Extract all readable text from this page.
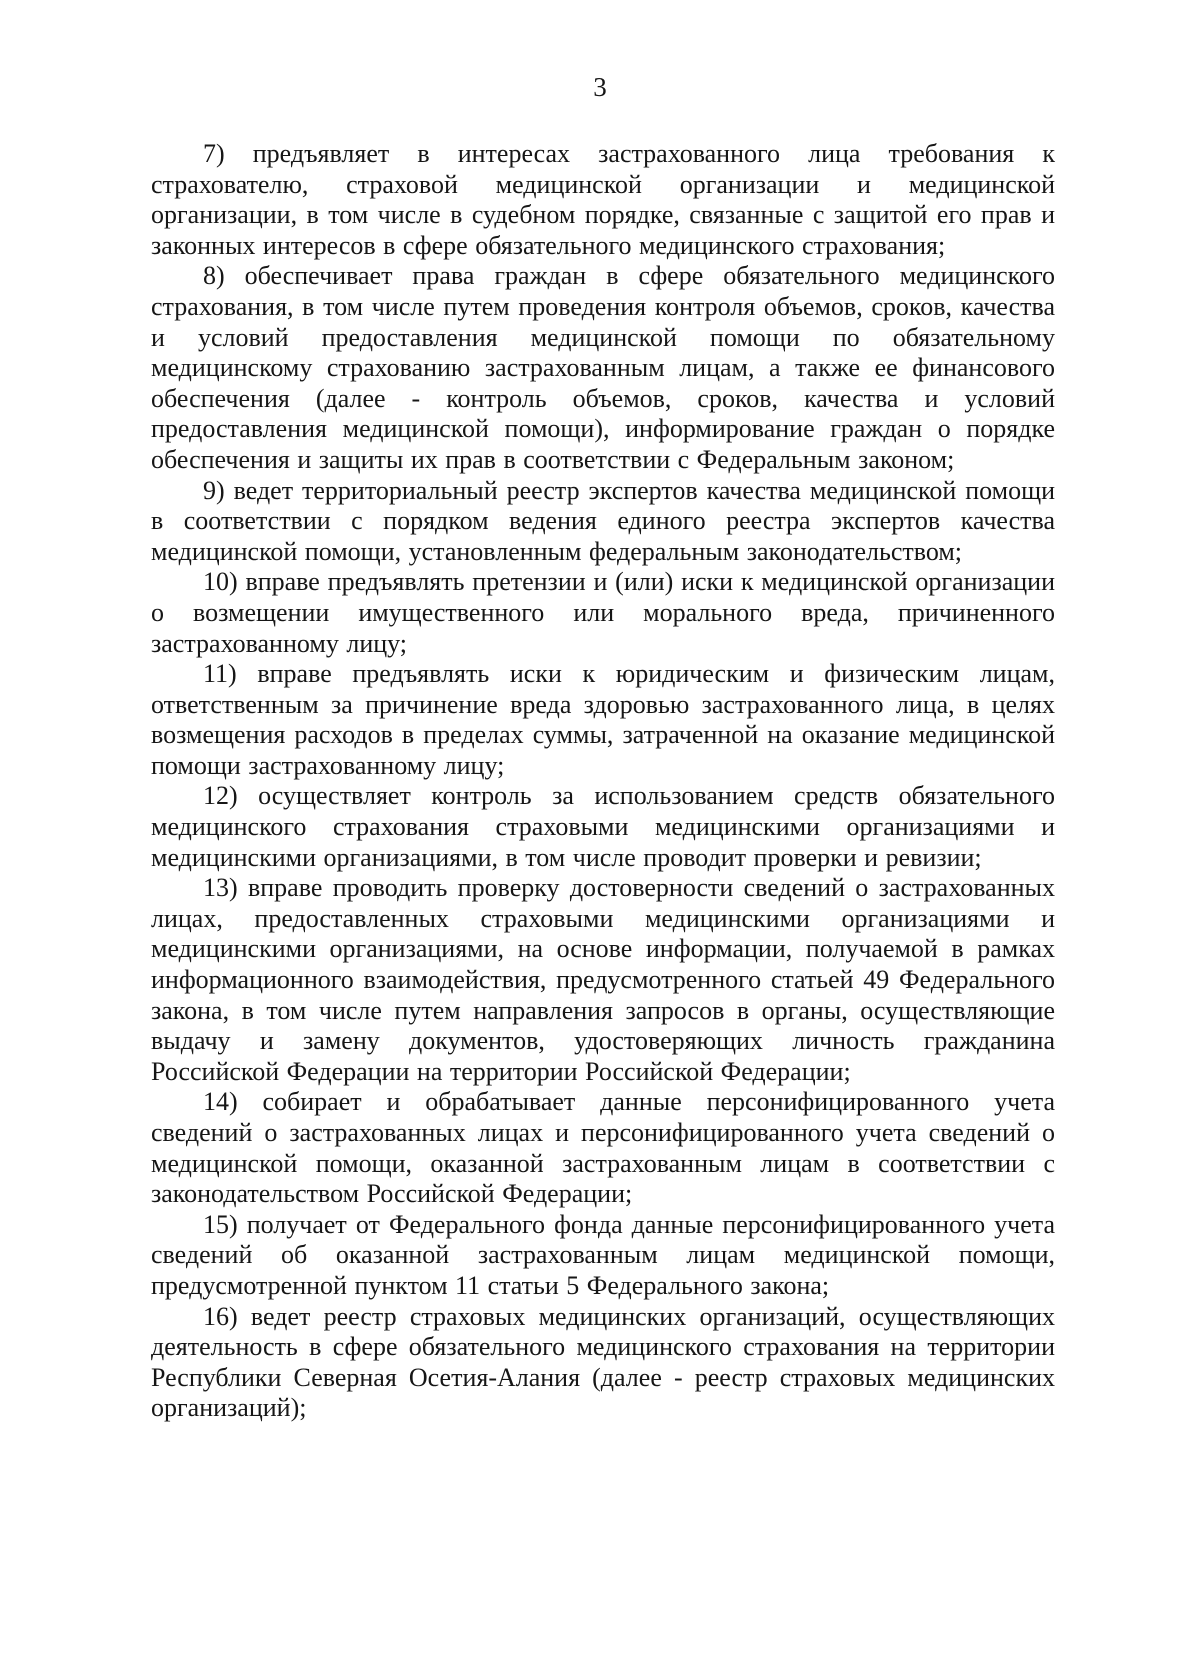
3

7) предъявляет в интересах застрахованного лица требования к страхователю, страховой медицинской организации и медицинской организации, в том числе в судебном порядке, связанные с защитой его прав и законных интересов в сфере обязательного медицинского страхования;

8) обеспечивает права граждан в сфере обязательного медицинского страхования, в том числе путем проведения контроля объемов, сроков, качества и условий предоставления медицинской помощи по обязательному медицинскому страхованию застрахованным лицам, а также ее финансового обеспечения (далее - контроль объемов, сроков, качества и условий предоставления медицинской помощи), информирование граждан о порядке обеспечения и защиты их прав в соответствии с Федеральным законом;

9) ведет территориальный реестр экспертов качества медицинской помощи в соответствии с порядком ведения единого реестра экспертов качества медицинской помощи, установленным федеральным законодательством;

10) вправе предъявлять претензии и (или) иски к медицинской организации о возмещении имущественного или морального вреда, причиненного застрахованному лицу;

11) вправе предъявлять иски к юридическим и физическим лицам, ответственным за причинение вреда здоровью застрахованного лица, в целях возмещения расходов в пределах суммы, затраченной на оказание медицинской помощи застрахованному лицу;

12) осуществляет контроль за использованием средств обязательного медицинского страхования страховыми медицинскими организациями и медицинскими организациями, в том числе проводит проверки и ревизии;

13) вправе проводить проверку достоверности сведений о застрахованных лицах, предоставленных страховыми медицинскими организациями и медицинскими организациями, на основе информации, получаемой в рамках информационного взаимодействия, предусмотренного статьей 49 Федерального закона, в том числе путем направления запросов в органы, осуществляющие выдачу и замену документов, удостоверяющих личность гражданина Российской Федерации на территории Российской Федерации;

14) собирает и обрабатывает данные персонифицированного учета сведений о застрахованных лицах и персонифицированного учета сведений о медицинской помощи, оказанной застрахованным лицам в соответствии с законодательством Российской Федерации;

15) получает от Федерального фонда данные персонифицированного учета сведений об оказанной застрахованным лицам медицинской помощи, предусмотренной пунктом 11 статьи 5 Федерального закона;

16) ведет реестр страховых медицинских организаций, осуществляющих деятельность в сфере обязательного медицинского страхования на территории Республики Северная Осетия-Алания (далее - реестр страховых медицинских организаций);
